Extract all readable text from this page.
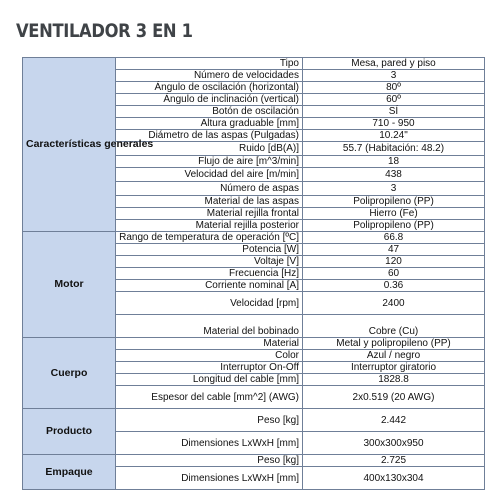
VENTILADOR 3 EN 1
Características generales	Tipo	Mesa, pared y piso
	Número de velocidades	3
	Ángulo de oscilación (horizontal)	80º
	Ángulo de inclinación (vertical)	60º
	Botón de oscilación	SÍ
	Altura graduable [mm]	710 - 950
	Diámetro de las aspas (Pulgadas)	10.24"
	Ruido [dB(A)]	55.7 (Habitación: 48.2)
	Flujo de aire [m^3/min]	18
	Velocidad del aire [m/min]	438
	Número de aspas	3
	Material de las aspas	Polipropileno (PP)
	Material rejilla frontal	Hierro (Fe)
	Material rejilla posterior	Polipropileno (PP)
Motor	Rango de temperatura de operación [ºC]	66.8
	Potencia [W]	47
	Voltaje [V]	120
	Frecuencia [Hz]	60
	Corriente nominal [A]	0.36
	Velocidad [rpm]	2400
	Material del bobinado	Cobre (Cu)
Cuerpo	Material	Metal y polipropileno (PP)
	Color	Azul / negro
	Interruptor On-Off	Interruptor giratorio
	Longitud del cable [mm]	1828.8
	Espesor del cable [mm^2] (AWG)	2x0.519 (20 AWG)
Producto	Peso [kg]	2.442
	Dimensiones LxWxH [mm]	300x300x950
Empaque	Peso [kg]	2.725
	Dimensiones LxWxH [mm]	400x130x304
